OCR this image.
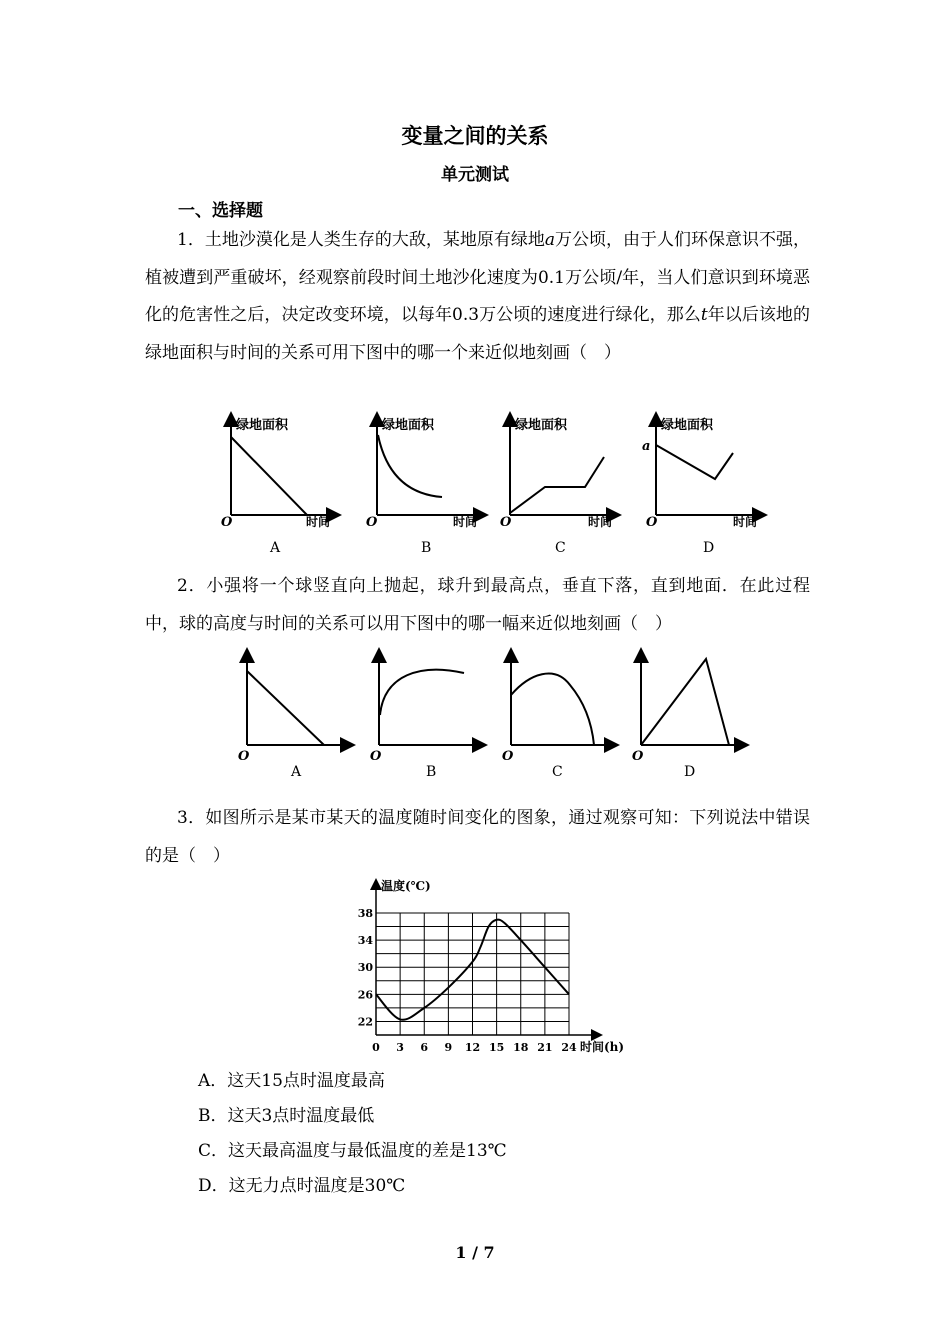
变量之间的关系
单元测试
一、选择题
1．土地沙漠化是人类生存的大敌，某地原有绿地a万公顷，由于人们环保意识不强，植被遭到严重破坏，经观察前段时间土地沙化速度为0.1万公顷/年，当人们意识到环境恶化的危害性之后，决定改变环境，以每年0.3万公顷的速度进行绿化，那么t年以后该地的绿地面积与时间的关系可用下图中的哪一个来近似地刻画（　）
绿地面积
时间
O
A
绿地面积
时间
O
B
绿地面积
时间
O
C
绿地面积
a
时间
O
D
2．小强将一个球竖直向上抛起，球升到最高点，垂直下落，直到地面．在此过程中，球的高度与时间的关系可以用下图中的哪一幅来近似地刻画（　）
O
A
O
B
O
C
O
D
3．如图所示是某市某天的温度随时间变化的图象，通过观察可知：下列说法中错误的是（　）
温度(℃)
时间(h)
22
26
30
34
38
0 3 6 9 12 15 18 21 24
A．这天15点时温度最高
B．这天3点时温度最低
C．这天最高温度与最低温度的差是13℃
D．这无力点时温度是30℃
1 / 7
